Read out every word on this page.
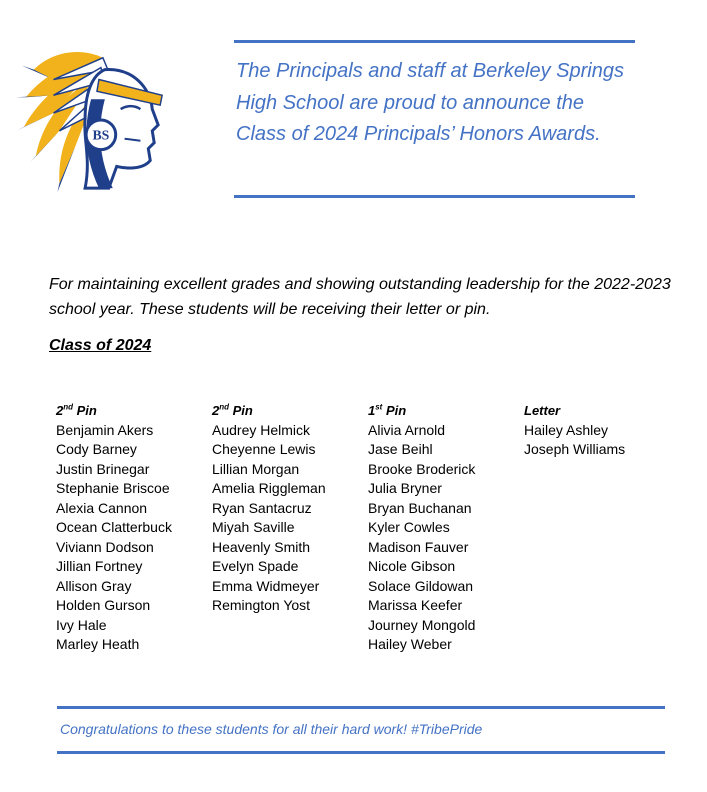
BS
The Principals and staff at Berkeley Springs High School are proud to announce the Class of 2024 Principals’ Honors Awards.
For maintaining excellent grades and showing outstanding leadership for the 2022-2023 school year. These students will be receiving their letter or pin.
Class of 2024
2nd Pin
Benjamin Akers
Cody Barney
Justin Brinegar
Stephanie Briscoe
Alexia Cannon
Ocean Clatterbuck
Viviann Dodson
Jillian Fortney
Allison Gray
Holden Gurson
Ivy Hale
Marley Heath
2nd Pin
Audrey Helmick
Cheyenne Lewis
Lillian Morgan
Amelia Riggleman
Ryan Santacruz
Miyah Saville
Heavenly Smith
Evelyn Spade
Emma Widmeyer
Remington Yost
1st Pin
Alivia Arnold
Jase Beihl
Brooke Broderick
Julia Bryner
Bryan Buchanan
Kyler Cowles
Madison Fauver
Nicole Gibson
Solace Gildowan
Marissa Keefer
Journey Mongold
Hailey Weber
Letter
Hailey Ashley
Joseph Williams
Congratulations to these students for all their hard work! #TribePride
